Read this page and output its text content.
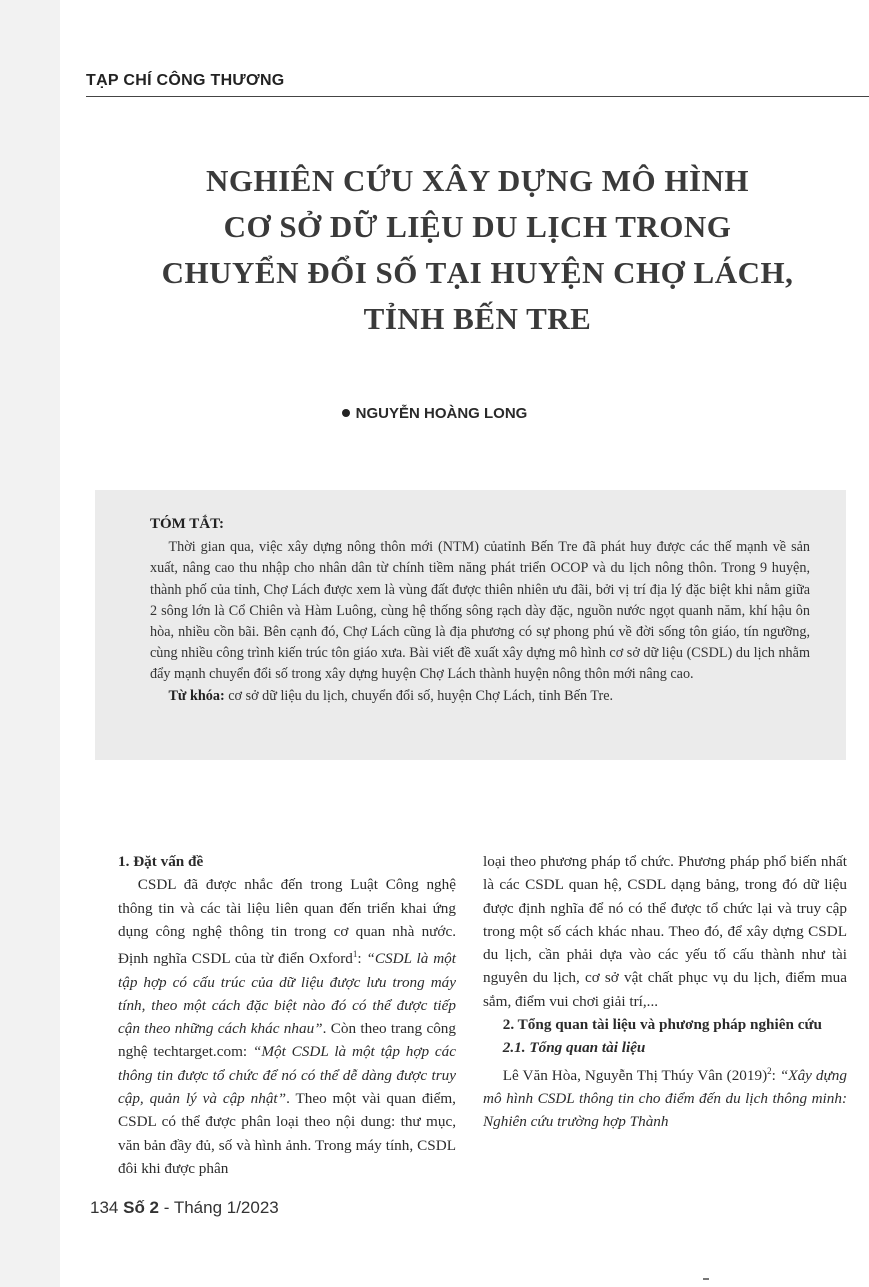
TẠP CHÍ CÔNG THƯƠNG
NGHIÊN CỨU XÂY DỰNG MÔ HÌNH
CƠ SỞ DỮ LIỆU DU LỊCH TRONG
CHUYỂN ĐỔI SỐ TẠI HUYỆN CHỢ LÁCH,
TỈNH BẾN TRE
NGUYỄN HOÀNG LONG
TÓM TẮT:

Thời gian qua, việc xây dựng nông thôn mới (NTM) củatỉnh Bến Tre đã phát huy được các thế mạnh về sản xuất, nâng cao thu nhập cho nhân dân từ chính tiềm năng phát triển OCOP và du lịch nông thôn. Trong 9 huyện, thành phố của tỉnh, Chợ Lách được xem là vùng đất được thiên nhiên ưu đãi, bởi vị trí địa lý đặc biệt khi nằm giữa 2 sông lớn là Cổ Chiên và Hàm Luông, cùng hệ thống sông rạch dày đặc, nguồn nước ngọt quanh năm, khí hậu ôn hòa, nhiều cồn bãi. Bên cạnh đó, Chợ Lách cũng là địa phương có sự phong phú về đời sống tôn giáo, tín ngưỡng, cùng nhiều công trình kiến trúc tôn giáo xưa. Bài viết đề xuất xây dựng mô hình cơ sở dữ liệu (CSDL) du lịch nhằm đẩy mạnh chuyển đổi số trong xây dựng huyện Chợ Lách thành huyện nông thôn mới nâng cao.

Từ khóa: cơ sở dữ liệu du lịch, chuyển đổi số, huyện Chợ Lách, tỉnh Bến Tre.

1. Đặt vấn đề

CSDL đã được nhắc đến trong Luật Công nghệ thông tin và các tài liệu liên quan đến triển khai ứng dụng công nghệ thông tin trong cơ quan nhà nước. Định nghĩa CSDL của từ điển Oxford$^1$: “CSDL là một tập hợp có cấu trúc của dữ liệu được lưu trong máy tính, theo một cách đặc biệt nào đó có thể được tiếp cận theo những cách khác nhau”. Còn theo trang công nghệ techtarget.com: “Một CSDL là một tập hợp các thông tin được tổ chức để nó có thể dễ dàng được truy cập, quản lý và cập nhật”. Theo một vài quan điểm, CSDL có thể được phân loại theo nội dung: thư mục, văn bản đầy đủ, số và hình ảnh. Trong máy tính, CSDL đôi khi được phân

loại theo phương pháp tổ chức. Phương pháp phổ biến nhất là các CSDL quan hệ, CSDL dạng bảng, trong đó dữ liệu được định nghĩa để nó có thể được tổ chức lại và truy cập trong một số cách khác nhau. Theo đó, để xây dựng CSDL du lịch, cần phải dựa vào các yếu tố cấu thành như tài nguyên du lịch, cơ sở vật chất phục vụ du lịch, điểm mua sắm, điểm vui chơi giải trí,...

2. Tổng quan tài liệu và phương pháp nghiên cứu

2.1. Tổng quan tài liệu

Lê Văn Hòa, Nguyễn Thị Thúy Vân $(2019)^2$: “Xây dựng mô hình CSDL thông tin cho điểm đến du lịch thông minh: Nghiên cứu trường hợp Thành

134 Số 2 - Tháng 1/2023
